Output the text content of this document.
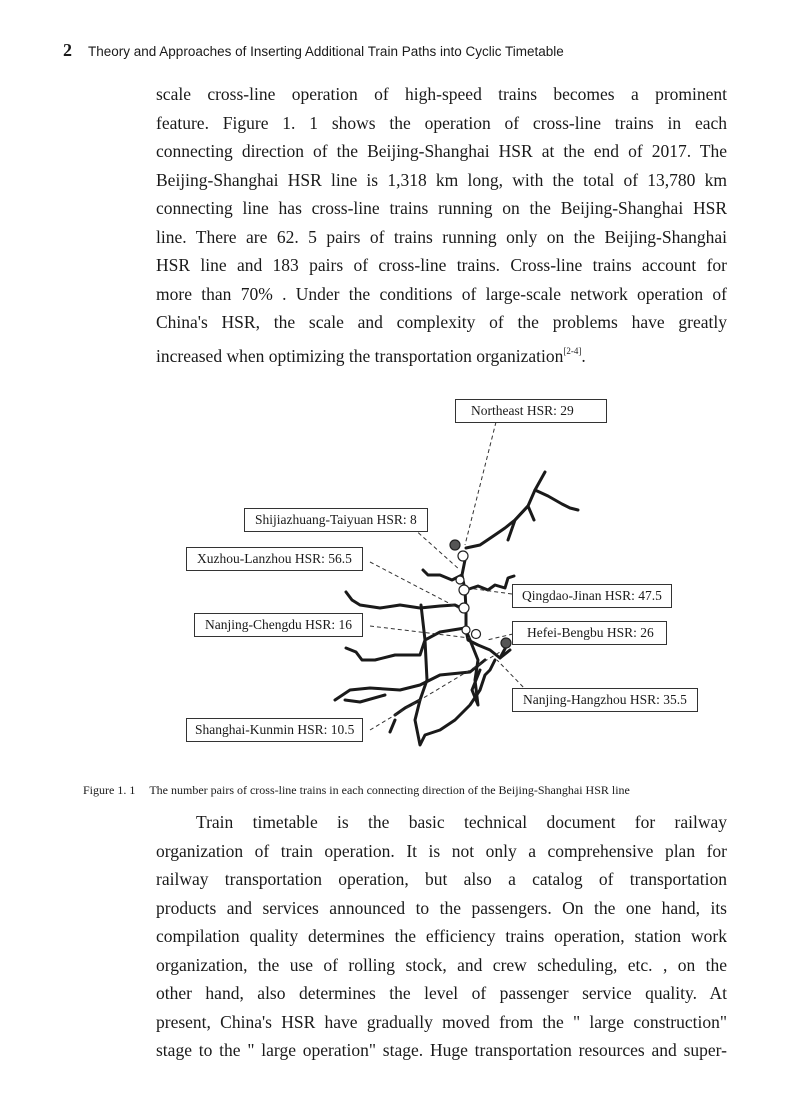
2 Theory and Approaches of Inserting Additional Train Paths into Cyclic Timetable
scale cross-line operation of high-speed trains becomes a prominent
feature. Figure 1. 1 shows the operation of cross-line trains in each
connecting direction of the Beijing-Shanghai HSR at the end of 2017. The
Beijing-Shanghai HSR line is 1,318 km long, with the total of 13,780 km
connecting line has cross-line trains running on the Beijing-Shanghai HSR
line. There are 62. 5 pairs of trains running only on the Beijing-Shanghai
HSR line and 183 pairs of cross-line trains. Cross-line trains account for
more than 70% . Under the conditions of large-scale network operation of
China's HSR, the scale and complexity of the problems have greatly
increased when optimizing the transportation organization[2-4].
Northeast HSR: 29
Shijiazhuang-Taiyuan HSR: 8
Xuzhou-Lanzhou HSR: 56.5
Qingdao-Jinan HSR: 47.5
Nanjing-Chengdu HSR: 16
Hefei-Bengbu HSR: 26
Nanjing-Hangzhou HSR: 35.5
Shanghai-Kunmin HSR: 10.5
Figure 1. 1 The number pairs of cross-line trains in each connecting direction of the Beijing-Shanghai HSR line
Train timetable is the basic technical document for railway
organization of train operation. It is not only a comprehensive plan for
railway transportation operation, but also a catalog of transportation
products and services announced to the passengers. On the one hand, its
compilation quality determines the efficiency trains operation, station work
organization, the use of rolling stock, and crew scheduling, etc. , on the
other hand, also determines the level of passenger service quality. At
present, China's HSR have gradually moved from the " large construction"
stage to the " large operation" stage. Huge transportation resources and super-
